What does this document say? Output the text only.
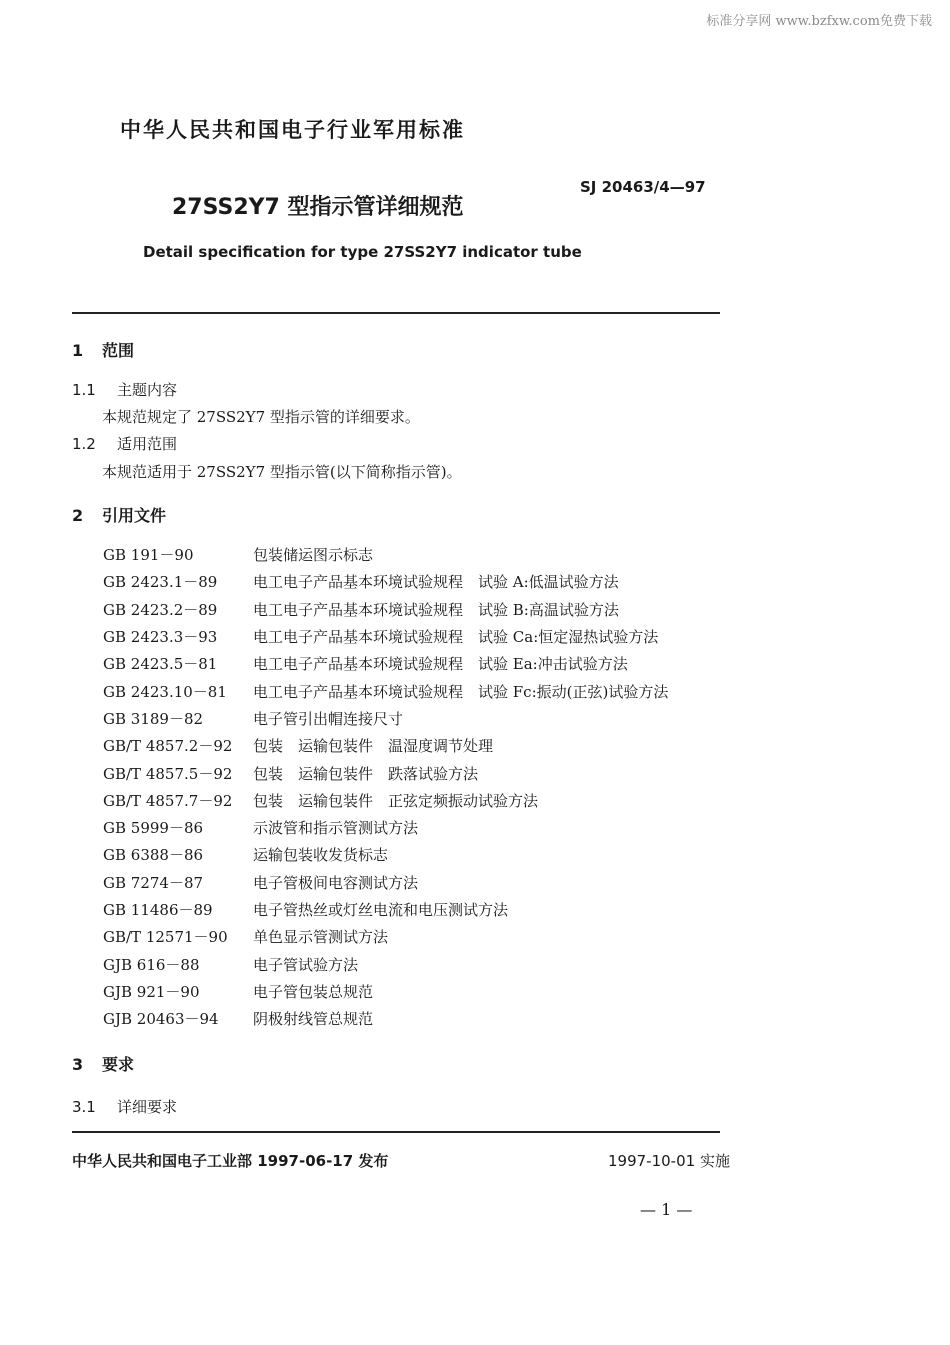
标准分享网 www.bzfxw.com免费下载
中华人民共和国电子行业军用标准
27SS2Y7 型指示管详细规范
SJ 20463/4—97
Detail specification for type 27SS2Y7 indicator tube
1 范围
1.1 主题内容
本规范规定了 27SS2Y7 型指示管的详细要求。
1.2 适用范围
本规范适用于 27SS2Y7 型指示管(以下简称指示管)。
2 引用文件
GB 191－90	包装储运图示标志
GB 2423.1－89	电工电子产品基本环境试验规程　试验 A:低温试验方法
GB 2423.2－89	电工电子产品基本环境试验规程　试验 B:高温试验方法
GB 2423.3－93	电工电子产品基本环境试验规程　试验 Ca:恒定湿热试验方法
GB 2423.5－81	电工电子产品基本环境试验规程　试验 Ea:冲击试验方法
GB 2423.10－81	电工电子产品基本环境试验规程　试验 Fc:振动(正弦)试验方法
GB 3189－82	电子管引出帽连接尺寸
GB/T 4857.2－92	包装　运输包装件　温湿度调节处理
GB/T 4857.5－92	包装　运输包装件　跌落试验方法
GB/T 4857.7－92	包装　运输包装件　正弦定频振动试验方法
GB 5999－86	示波管和指示管测试方法
GB 6388－86	运输包装收发货标志
GB 7274－87	电子管极间电容测试方法
GB 11486－89	电子管热丝或灯丝电流和电压测试方法
GB/T 12571－90	单色显示管测试方法
GJB 616－88	电子管试验方法
GJB 921－90	电子管包装总规范
GJB 20463－94	阴极射线管总规范
3 要求
3.1 详细要求
中华人民共和国电子工业部 1997-06-17 发布	1997-10-01 实施
— 1 —
